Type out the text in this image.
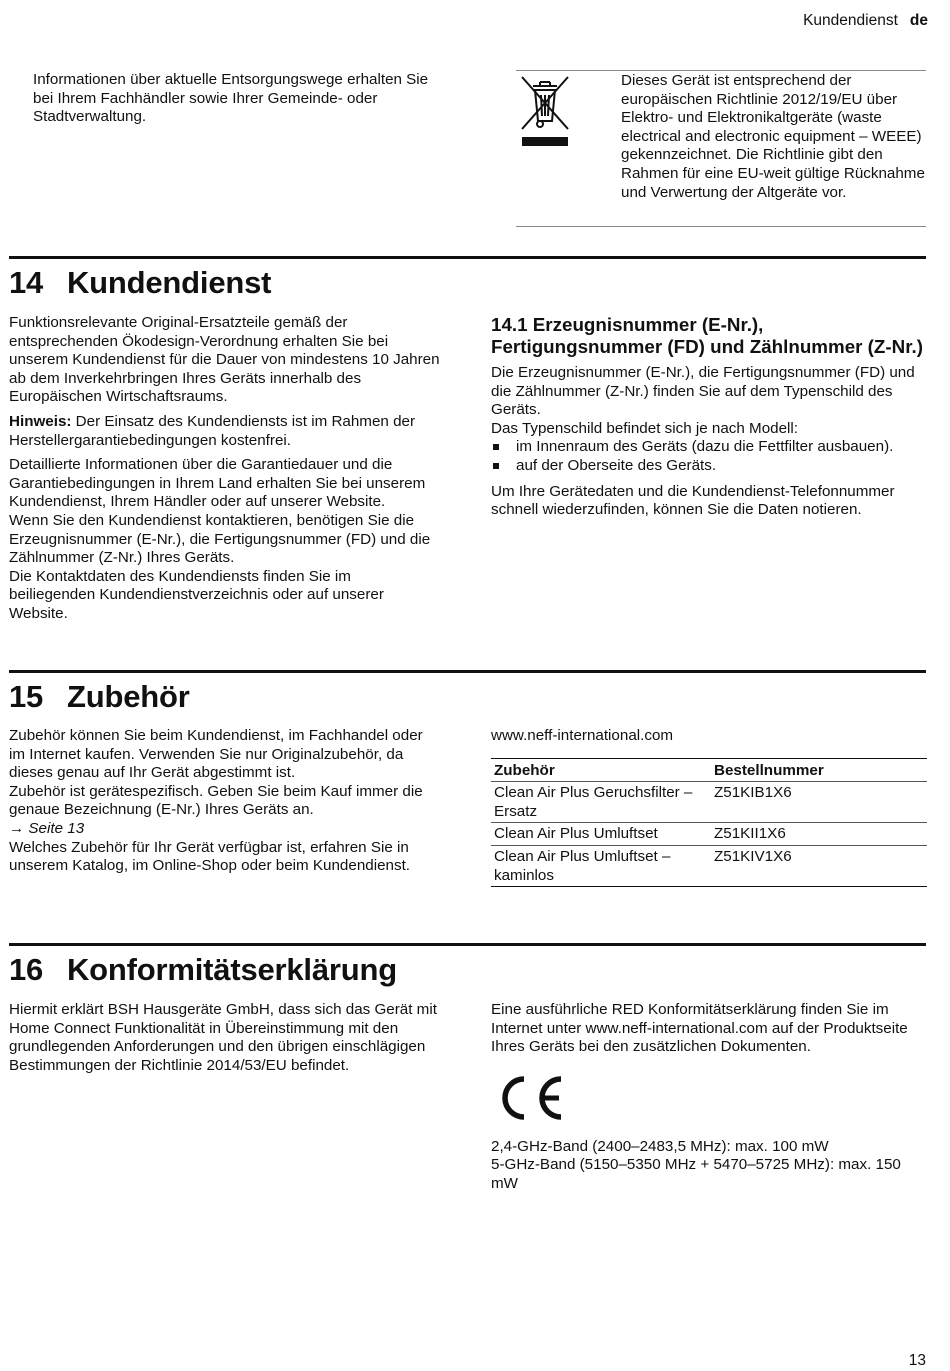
Kundendienst de

Informationen über aktuelle Entsorgungswege erhalten Sie bei Ihrem Fachhändler sowie Ihrer Gemeinde- oder Stadtverwaltung.

Dieses Gerät ist entsprechend der europäischen Richtlinie 2012/19/EU über Elektro- und Elektronikaltgeräte (waste electrical and electronic equipment – WEEE) gekennzeichnet. Die Richtlinie gibt den Rahmen für eine EU-weit gültige Rücknahme und Verwertung der Altgeräte vor.

14 Kundendienst

Funktionsrelevante Original-Ersatzteile gemäß der entsprechenden Ökodesign-Verordnung erhalten Sie bei unserem Kundendienst für die Dauer von mindestens 10 Jahren ab dem Inverkehrbringen Ihres Geräts innerhalb des Europäischen Wirtschaftsraums.

Hinweis: Der Einsatz des Kundendiensts ist im Rahmen der Herstellergarantiebedingungen kostenfrei.

Detaillierte Informationen über die Garantiedauer und die Garantiebedingungen in Ihrem Land erhalten Sie bei unserem Kundendienst, Ihrem Händler oder auf unserer Website.

Wenn Sie den Kundendienst kontaktieren, benötigen Sie die Erzeugnisnummer (E-Nr.), die Fertigungsnummer (FD) und die Zählnummer (Z-Nr.) Ihres Geräts.

Die Kontaktdaten des Kundendiensts finden Sie im beiliegenden Kundendienstverzeichnis oder auf unserer Website.

14.1 Erzeugnisnummer (E-Nr.), Fertigungsnummer (FD) und Zählnummer (Z-Nr.)

Die Erzeugnisnummer (E-Nr.), die Fertigungsnummer (FD) und die Zählnummer (Z-Nr.) finden Sie auf dem Typenschild des Geräts.

Das Typenschild befindet sich je nach Modell:

im Innenraum des Geräts (dazu die Fettfilter ausbauen).
auf der Oberseite des Geräts.

Um Ihre Gerätedaten und die Kundendienst-Telefonnummer schnell wiederzufinden, können Sie die Daten notieren.

15 Zubehör

Zubehör können Sie beim Kundendienst, im Fachhandel oder im Internet kaufen. Verwenden Sie nur Originalzubehör, da dieses genau auf Ihr Gerät abgestimmt ist.

Zubehör ist gerätespezifisch. Geben Sie beim Kauf immer die genaue Bezeichnung (E-Nr.) Ihres Geräts an.

→ Seite 13

Welches Zubehör für Ihr Gerät verfügbar ist, erfahren Sie in unserem Katalog, im Online-Shop oder beim Kundendienst.

www.neff-international.com

Zubehör	Bestellnummer
Clean Air Plus Geruchsfilter – Ersatz	Z51KIB1X6
Clean Air Plus Umluftset	Z51KII1X6
Clean Air Plus Umluftset – kaminlos	Z51KIV1X6
16 Konformitätserklärung

Hiermit erklärt BSH Hausgeräte GmbH, dass sich das Gerät mit Home Connect Funktionalität in Übereinstimmung mit den grundlegenden Anforderungen und den übrigen einschlägigen Bestimmungen der Richtlinie 2014/53/EU befindet.

Eine ausführliche RED Konformitätserklärung finden Sie im Internet unter www.neff-international.com auf der Produktseite Ihres Geräts bei den zusätzlichen Dokumenten.

2,4-GHz-Band (2400–2483,5 MHz): max. 100 mW

5-GHz-Band (5150–5350 MHz + 5470–5725 MHz): max. 150 mW

13
